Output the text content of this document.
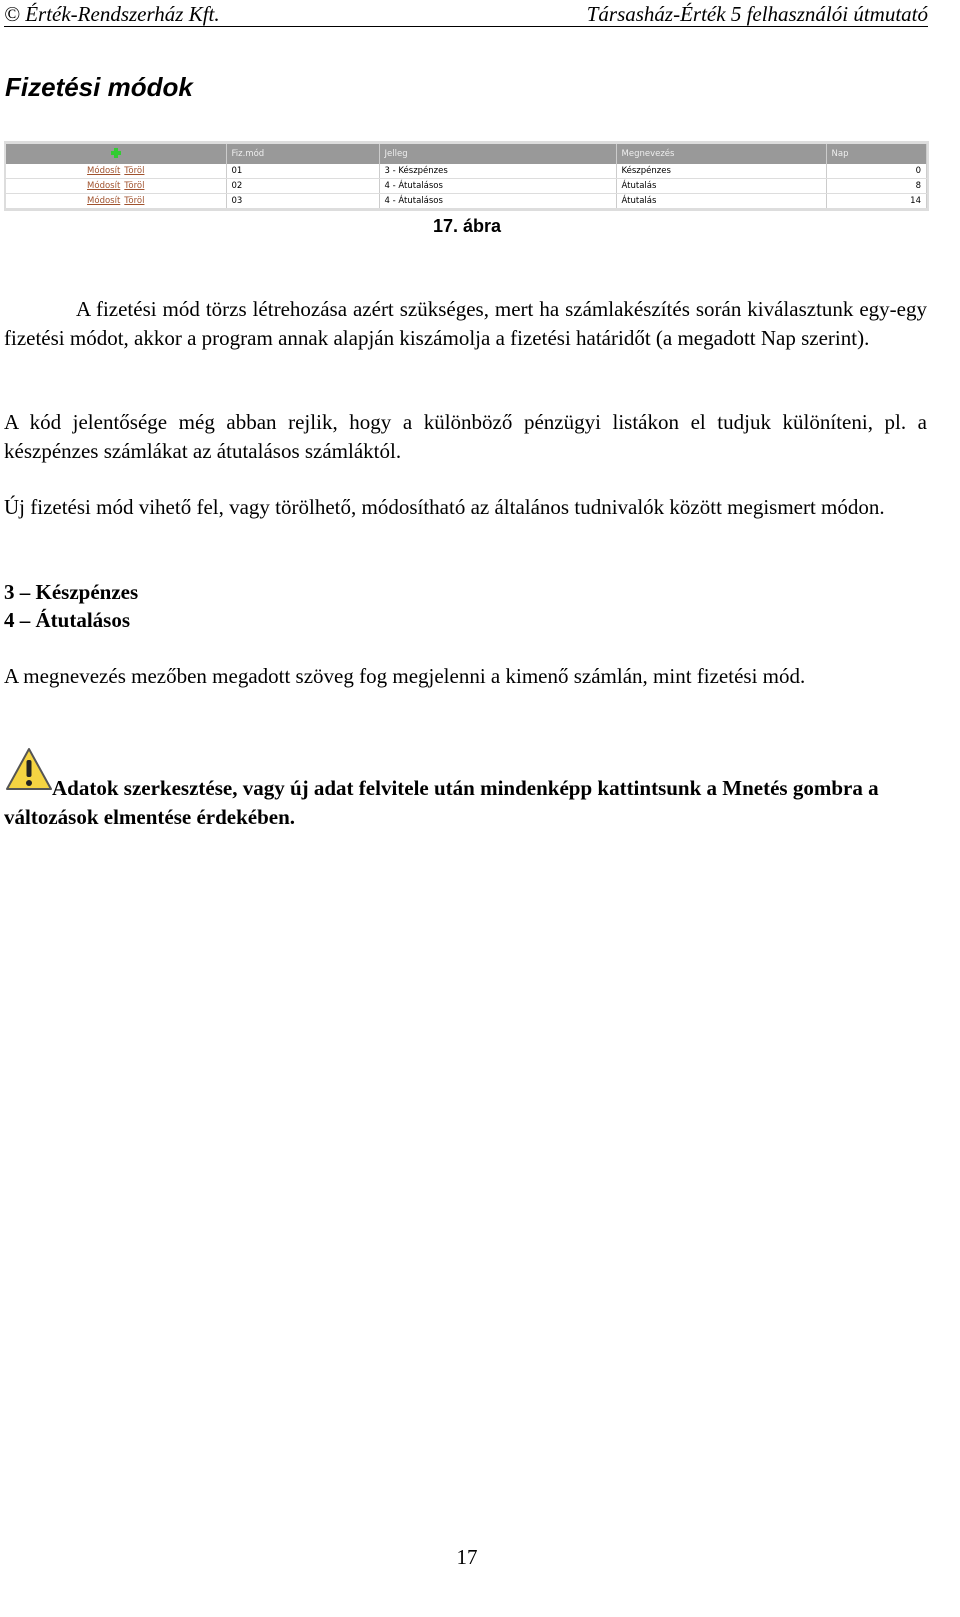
© Érték-Rendszerház Kft.	Társasház-Érték 5 felhasználói útmutató
Fizetési módok
	Fiz.mód	Jelleg	Megnevezés	Nap
Módosít Töröl	01	3 - Készpénzes	Készpénzes	0
Módosít Töröl	02	4 - Átutalásos	Átutalás	8
Módosít Töröl	03	4 - Átutalásos	Átutalás	14
17. ábra
A fizetési mód törzs létrehozása azért szükséges, mert ha számlakészítés során kiválasztunk egy-egy fizetési módot, akkor a program annak alapján kiszámolja a fizetési határidőt (a megadott Nap szerint).
A kód jelentősége még abban rejlik, hogy a különböző pénzügyi listákon el tudjuk különíteni, pl. a készpénzes számlákat az átutalásos számláktól.
Új fizetési mód vihető fel, vagy törölhető, módosítható az általános tudnivalók között megismert módon.
3 – Készpénzes
4 – Átutalásos
A megnevezés mezőben megadott szöveg fog megjelenni a kimenő számlán, mint fizetési mód.
Adatok szerkesztése, vagy új adat felvitele után mindenképp kattintsunk a Mnetés gombra a változások elmentése érdekében.
17
